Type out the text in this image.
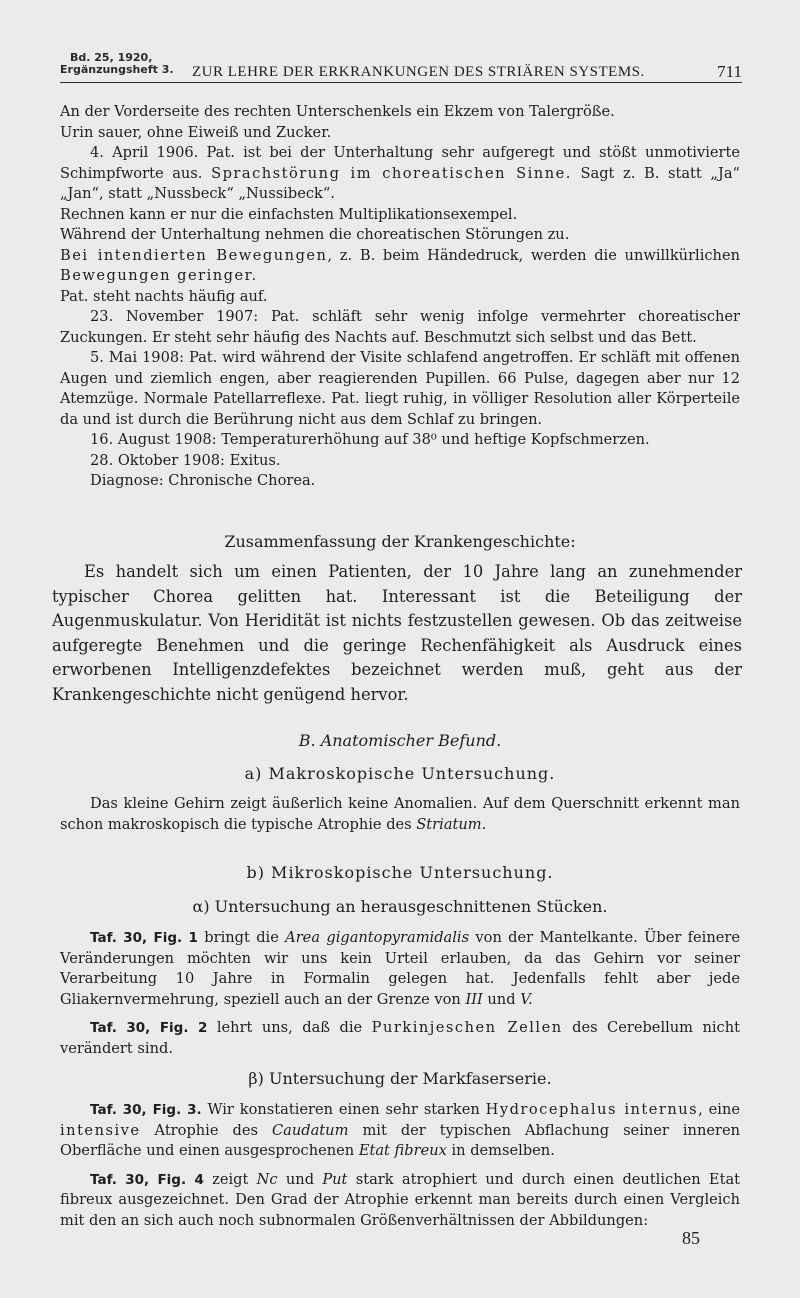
Bd. 25, 1920,
Ergänzungsheft 3. ZUR LEHRE DER ERKRANKUNGEN DES STRIÄREN SYSTEMS.	711

An der Vorderseite des rechten Unterschenkels ein Ekzem von Talergröße.

Urin sauer, ohne Eiweiß und Zucker.

4. April 1906. Pat. ist bei der Unterhaltung sehr aufgeregt und stößt unmotivierte Schimpfworte aus. Sprachstörung im choreatischen Sinne. Sagt z. B. statt „Ja“ „Jan“, statt „Nussbeck“ „Nussibeck“.

Rechnen kann er nur die einfachsten Multiplikationsexempel.

Während der Unterhaltung nehmen die choreatischen Störungen zu.

Bei intendierten Bewegungen, z. B. beim Händedruck, werden die unwillkürlichen Bewegungen geringer.

Pat. steht nachts häufig auf.

23. November 1907: Pat. schläft sehr wenig infolge vermehrter choreatischer Zuckungen. Er steht sehr häufig des Nachts auf. Beschmutzt sich selbst und das Bett.

5. Mai 1908: Pat. wird während der Visite schlafend angetroffen. Er schläft mit offenen Augen und ziemlich engen, aber reagierenden Pupillen. 66 Pulse, dagegen aber nur 12 Atemzüge. Normale Patellarreflexe. Pat. liegt ruhig, in völliger Resolution aller Körperteile da und ist durch die Berührung nicht aus dem Schlaf zu bringen.

16. August 1908: Temperaturerhöhung auf 38⁰ und heftige Kopfschmerzen.

28. Oktober 1908: Exitus.

Diagnose: Chronische Chorea.

Zusammenfassung der Krankengeschichte:

Es handelt sich um einen Patienten, der 10 Jahre lang an zunehmender typischer Chorea gelitten hat. Interessant ist die Beteiligung der Augenmuskulatur. Von Heridität ist nichts festzustellen gewesen. Ob das zeitweise aufgeregte Benehmen und die geringe Rechenfähigkeit als Ausdruck eines erworbenen Intelligenzdefektes bezeichnet werden muß, geht aus der Krankengeschichte nicht genügend hervor.

B. Anatomischer Befund.
a) Makroskopische Untersuchung.

Das kleine Gehirn zeigt äußerlich keine Anomalien. Auf dem Querschnitt erkennt man schon makroskopisch die typische Atrophie des Striatum.

b) Mikroskopische Untersuchung.
α) Untersuchung an herausgeschnittenen Stücken.

Taf. 30, Fig. 1 bringt die Area gigantopyramidalis von der Mantelkante. Über feinere Veränderungen möchten wir uns kein Urteil erlauben, da das Gehirn vor seiner Verarbeitung 10 Jahre in Formalin gelegen hat. Jedenfalls fehlt aber jede Gliakernvermehrung, speziell auch an der Grenze von III und V.

Taf. 30, Fig. 2 lehrt uns, daß die Purkinjeschen Zellen des Cerebellum nicht verändert sind.

β) Untersuchung der Markfaserserie.

Taf. 30, Fig. 3. Wir konstatieren einen sehr starken Hydrocephalus internus, eine intensive Atrophie des Caudatum mit der typischen Abflachung seiner inneren Oberfläche und einen ausgesprochenen Etat fibreux in demselben.

Taf. 30, Fig. 4 zeigt Nc und Put stark atrophiert und durch einen deutlichen Etat fibreux ausgezeichnet. Den Grad der Atrophie erkennt man bereits durch einen Vergleich mit den an sich auch noch subnormalen Größenverhältnissen der Abbildungen:

85
